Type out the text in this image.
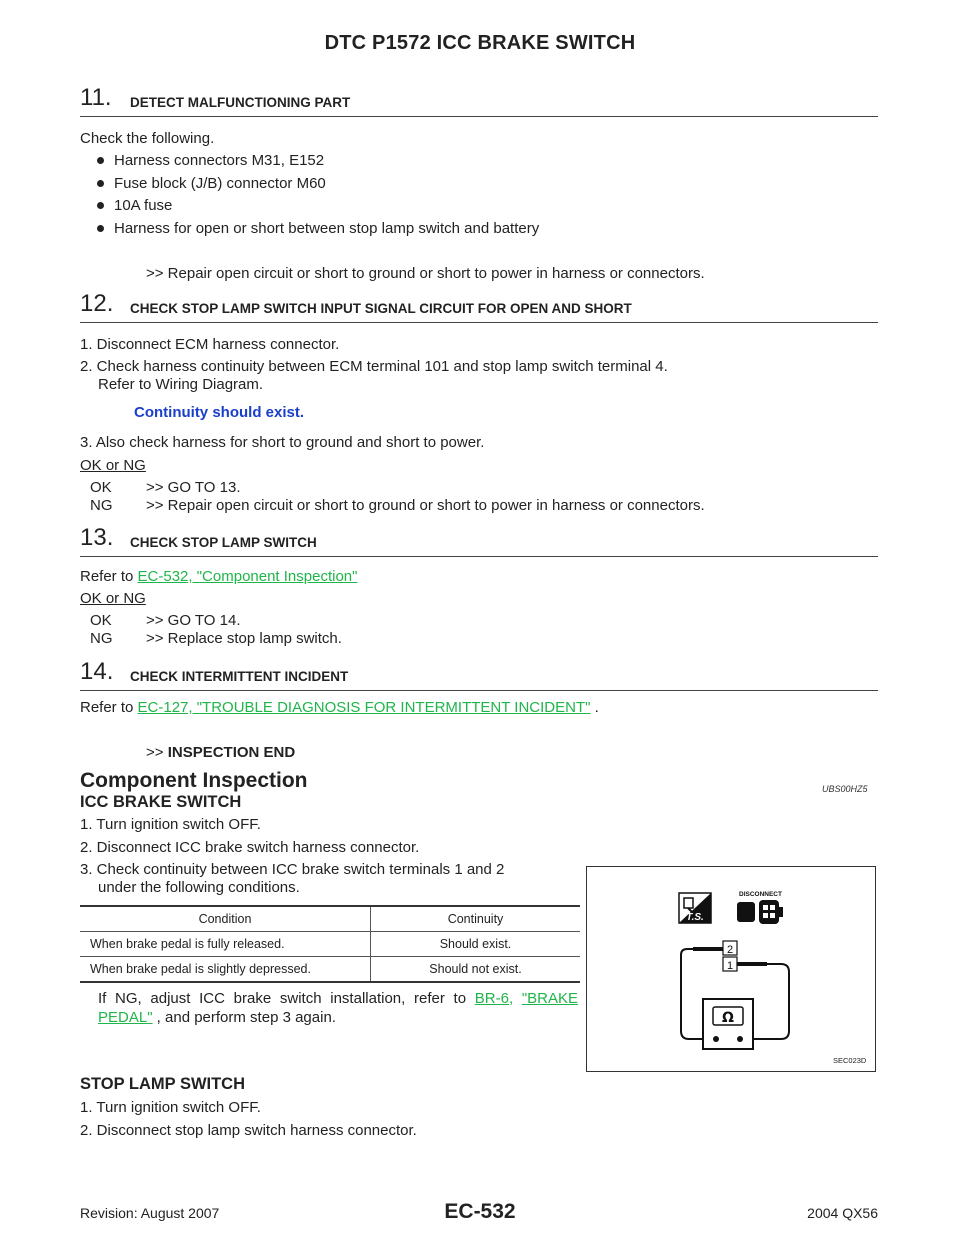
DTC P1572 ICC BRAKE SWITCH
11. DETECT MALFUNCTIONING PART
Check the following.
Harness connectors M31, E152
Fuse block (J/B) connector M60
10A fuse
Harness for open or short between stop lamp switch and battery
>> Repair open circuit or short to ground or short to power in harness or connectors.
12. CHECK STOP LAMP SWITCH INPUT SIGNAL CIRCUIT FOR OPEN AND SHORT
1. Disconnect ECM harness connector.
2. Check harness continuity between ECM terminal 101 and stop lamp switch terminal 4.
Refer to Wiring Diagram.
Continuity should exist.
3. Also check harness for short to ground and short to power.
OK or NG
OK >> GO TO 13.
NG >> Repair open circuit or short to ground or short to power in harness or connectors.
13. CHECK STOP LAMP SWITCH
Refer to EC-532, "Component Inspection"
OK or NG
OK >> GO TO 14.
NG >> Replace stop lamp switch.
14. CHECK INTERMITTENT INCIDENT
Refer to EC-127, "TROUBLE DIAGNOSIS FOR INTERMITTENT INCIDENT" .
>> INSPECTION END
Component Inspection	UBS00HZ5
ICC BRAKE SWITCH
1. Turn ignition switch OFF.
2. Disconnect ICC brake switch harness connector.
3. Check continuity between ICC brake switch terminals 1 and 2
under the following conditions.
Condition	Continuity
When brake pedal is fully released.	Should exist.
When brake pedal is slightly depressed.	Should not exist.
If NG, adjust ICC brake switch installation, refer to BR-6, "BRAKE PEDAL" , and perform step 3 again.
T.S.
DISCONNECT
2
1
Ω
SEC023D
STOP LAMP SWITCH
1. Turn ignition switch OFF.
2. Disconnect stop lamp switch harness connector.
Revision: August 2007	EC-532	2004 QX56
